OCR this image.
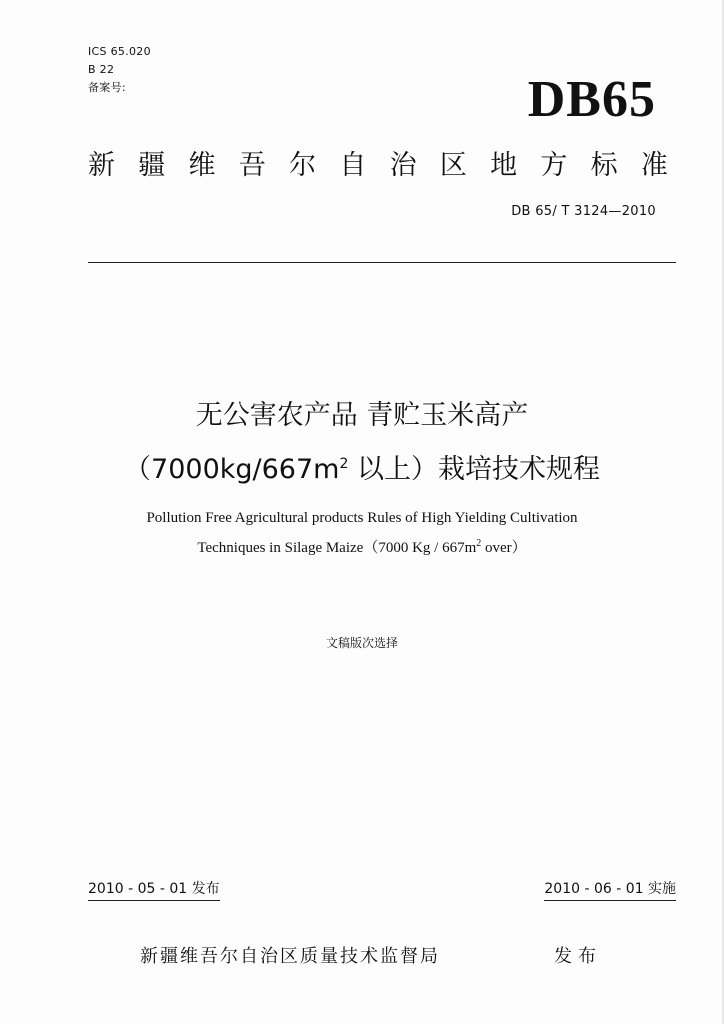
ICS 65.020
B 22
备案号:	DB65
新 疆 维 吾 尔 自 治 区 地 方 标 准
DB 65/ T 3124—2010
无公害农产品 青贮玉米高产
（$7000kg/667m^2$ 以上）栽培技术规程
Pollution Free Agricultural products Rules of High Yielding Cultivation
Techniques in Silage Maize（7000 Kg / $667m^2$ over）
文稿版次选择
2010 - 05 - 01 发布	2010 - 06 - 01 实施
新疆维吾尔自治区质量技术监督局	发布
